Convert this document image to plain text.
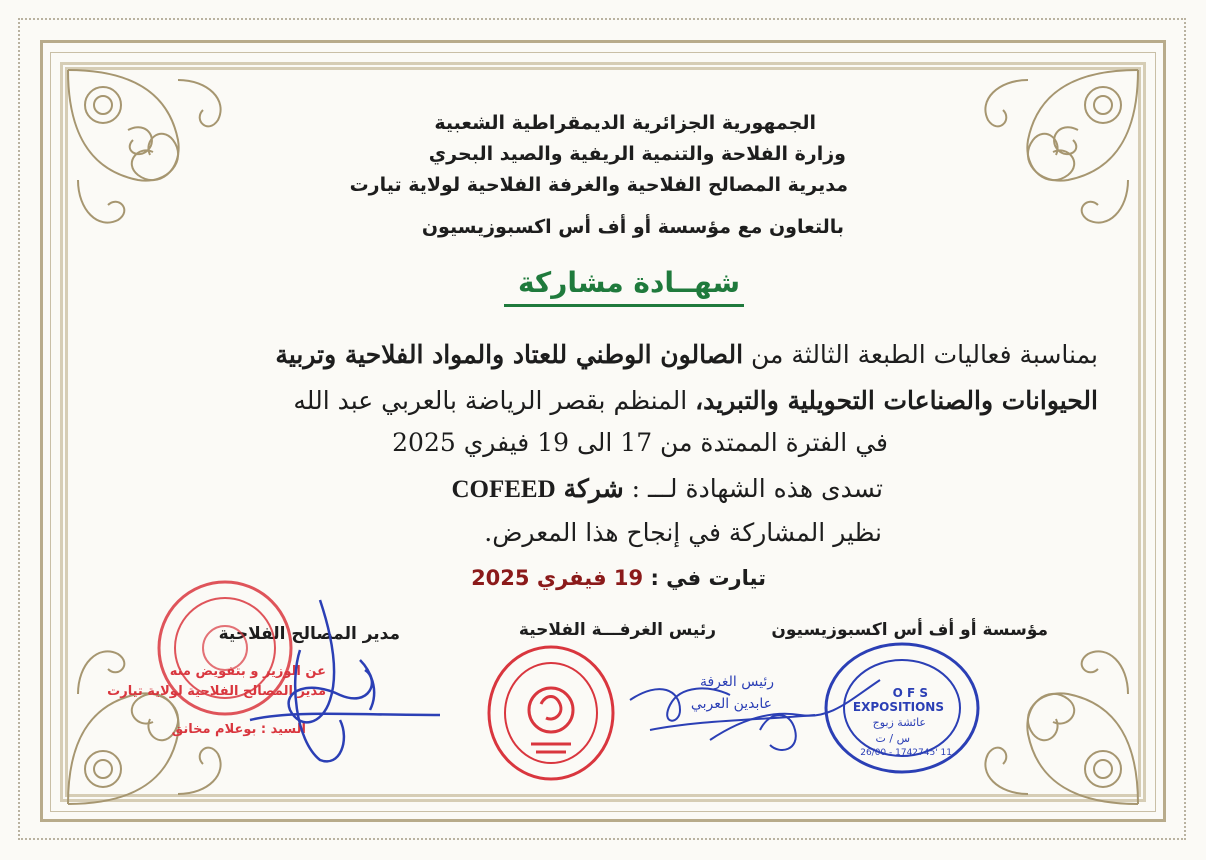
الجمهورية الجزائرية الديمقراطية الشعبية
وزارة الفلاحة والتنمية الريفية والصيد البحري
مديرية المصالح الفلاحية والغرفة الفلاحية لولاية تيارت
بالتعاون مع مؤسسة أو أف أس اكسبوزيسيون
شهــادة مشاركة
بمناسبة فعاليات الطبعة الثالثة من الصالون الوطني للعتاد والمواد الفلاحية وتربية
الحيوانات والصناعات التحويلية والتبريد، المنظم بقصر الرياضة بالعربي عبد الله
في الفترة الممتدة من 17 الى 19 فيفري 2025
تسدى هذه الشهادة لـــ : شركة COFEED
نظير المشاركة في إنجاح هذا المعرض.
تيارت في : 19 فيفري 2025
مؤسسة أو أف أس اكسبوزيسيون
رئيس الغرفـــة الفلاحية
مدير المصالح الفلاحية
عن الوزير و بتفويض منه
مدير المصالح الفلاحية لولاية تيارت
السيد : بوعلام مخانق
رئيس الغرفة
عابدين العربي
O F S
EXPOSITIONS
عائشة زبوج
س / ت
26/00 - 1742745' 11
